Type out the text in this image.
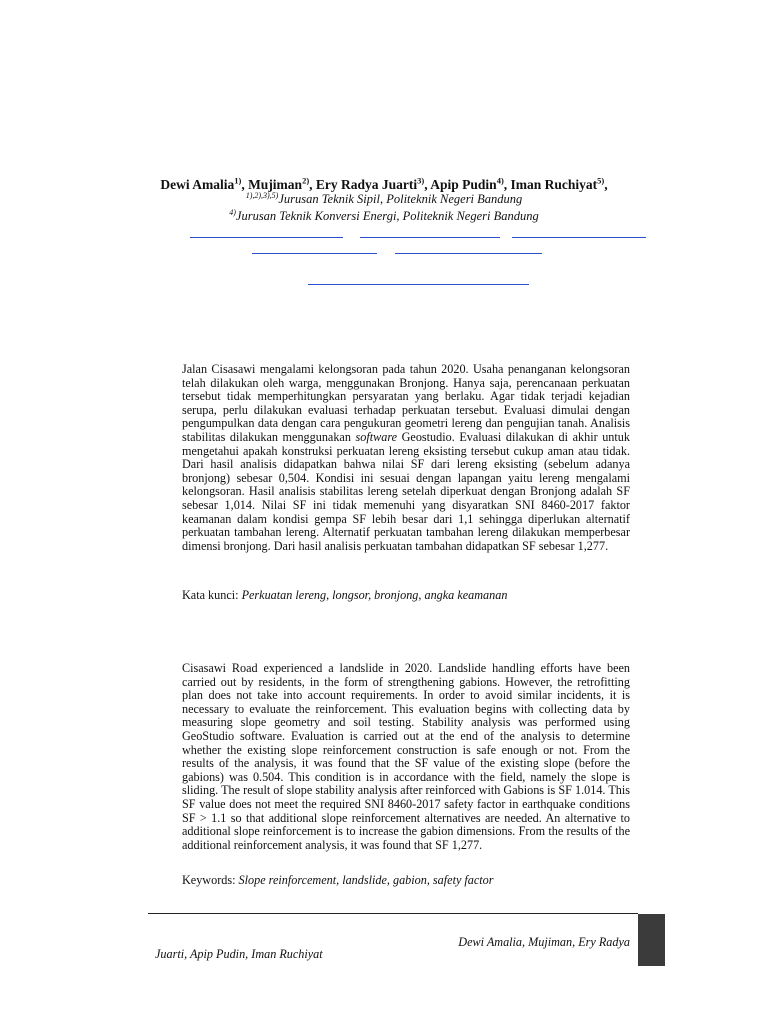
Dewi Amalia$^{1)}$, Mujiman$^{2)}$, Ery Radya Juarti$^{3)}$, Apip Pudin$^{4)}$, Iman Ruchiyat$^{5)}$,
$^{1),2),3),5)}$Jurusan Teknik Sipil, Politeknik Negeri Bandung
$^{4)}$Jurusan Teknik Konversi Energi, Politeknik Negeri Bandung

Jalan Cisasawi mengalami kelongsoran pada tahun 2020. Usaha penanganan kelongsoran telah dilakukan oleh warga, menggunakan Bronjong. Hanya saja, perencanaan perkuatan tersebut tidak memperhitungkan persyaratan yang berlaku. Agar tidak terjadi kejadian serupa, perlu dilakukan evaluasi terhadap perkuatan tersebut. Evaluasi dimulai dengan pengumpulkan data dengan cara pengukuran geometri lereng dan pengujian tanah. Analisis stabilitas dilakukan menggunakan software Geostudio. Evaluasi dilakukan di akhir untuk mengetahui apakah konstruksi perkuatan lereng eksisting tersebut cukup aman atau tidak. Dari hasil analisis didapatkan bahwa nilai SF dari lereng eksisting (sebelum adanya bronjong) sebesar 0,504. Kondisi ini sesuai dengan lapangan yaitu lereng mengalami kelongsoran. Hasil analisis stabilitas lereng setelah diperkuat dengan Bronjong adalah SF sebesar 1,014. Nilai SF ini tidak memenuhi yang disyaratkan SNI 8460-2017 faktor keamanan dalam kondisi gempa SF lebih besar dari 1,1 sehingga diperlukan alternatif perkuatan tambahan lereng. Alternatif perkuatan tambahan lereng dilakukan memperbesar dimensi bronjong. Dari hasil analisis perkuatan tambahan didapatkan SF sebesar 1,277.

Kata kunci: Perkuatan lereng, longsor, bronjong, angka keamanan

Cisasawi Road experienced a landslide in 2020. Landslide handling efforts have been carried out by residents, in the form of strengthening gabions. However, the retrofitting plan does not take into account requirements. In order to avoid similar incidents, it is necessary to evaluate the reinforcement. This evaluation begins with collecting data by measuring slope geometry and soil testing. Stability analysis was performed using GeoStudio software. Evaluation is carried out at the end of the analysis to determine whether the existing slope reinforcement construction is safe enough or not. From the results of the analysis, it was found that the SF value of the existing slope (before the gabions) was 0.504. This condition is in accordance with the field, namely the slope is sliding. The result of slope stability analysis after reinforced with Gabions is SF 1.014. This SF value does not meet the required SNI 8460-2017 safety factor in earthquake conditions SF > 1.1 so that additional slope reinforcement alternatives are needed. An alternative to additional slope reinforcement is to increase the gabion dimensions. From the results of the additional reinforcement analysis, it was found that SF 1,277.

Keywords: Slope reinforcement, landslide, gabion, safety factor
Dewi Amalia, Mujiman, Ery Radya
Juarti, Apip Pudin, Iman Ruchiyat
